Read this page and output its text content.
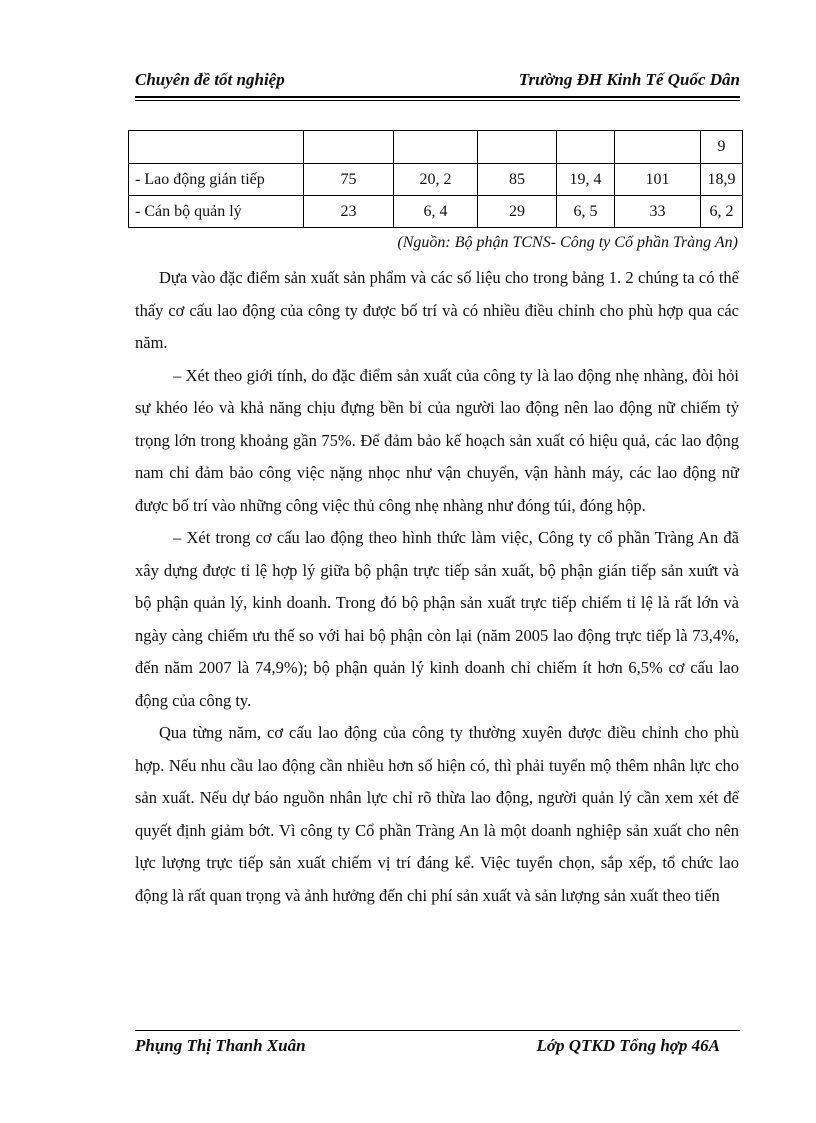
Chuyên đề tốt nghiệp	Trường ĐH Kinh Tế Quốc Dân
						9
- Lao động gián tiếp	75	20, 2	85	19, 4	101	18,9
- Cán bộ quản lý	23	6, 4	29	6, 5	33	6, 2
(Nguồn: Bộ phận TCNS- Công ty Cổ phần Tràng An)

Dựa vào đặc điểm sản xuất sản phẩm và các số liệu cho trong bảng 1. 2 chúng ta có thể thấy cơ cấu lao động của công ty được bố trí và có nhiều điều chỉnh cho phù hợp qua các năm.

– Xét theo giới tính, do đặc điểm sản xuất của công ty là lao động nhẹ nhàng, đòi hỏi sự khéo léo và khả năng chịu đựng bền bỉ của người lao động nên lao động nữ chiếm tỷ trọng lớn trong khoảng gần 75%. Để đảm bảo kế hoạch sản xuất có hiệu quả, các lao động nam chỉ đảm bảo công việc nặng nhọc như vận chuyển, vận hành máy, các lao động nữ được bố trí vào những công việc thủ công nhẹ nhàng như đóng túi, đóng hộp.

– Xét trong cơ cấu lao động theo hình thức làm việc, Công ty cổ phần Tràng An đã xây dựng được tỉ lệ hợp lý giữa bộ phận trực tiếp sản xuất, bộ phận gián tiếp sản xuứt và bộ phận quản lý, kinh doanh. Trong đó bộ phận sản xuất trực tiếp chiếm tỉ lệ là rất lớn và ngày càng chiếm ưu thế so với hai bộ phận còn lại (năm 2005 lao động trực tiếp là 73,4%, đến năm 2007 là 74,9%); bộ phận quản lý kinh doanh chỉ chiếm ít hơn 6,5% cơ cấu lao động của công ty.

Qua từng năm, cơ cấu lao động của công ty thường xuyên được điều chỉnh cho phù hợp. Nếu nhu cầu lao động cần nhiều hơn số hiện có, thì phải tuyển mộ thêm nhân lực cho sản xuất. Nếu dự báo nguồn nhân lực chỉ rõ thừa lao động, người quản lý cần xem xét để quyết định giảm bớt. Vì công ty Cổ phần Tràng An là một doanh nghiệp sản xuất cho nên lực lượng trực tiếp sản xuất chiếm vị trí đáng kể. Việc tuyển chọn, sắp xếp, tổ chức lao động là rất quan trọng và ảnh hưởng đến chi phí sản xuất và sản lượng sản xuất theo tiến

Phụng Thị Thanh Xuân	Lớp QTKD Tổng hợp 46A
